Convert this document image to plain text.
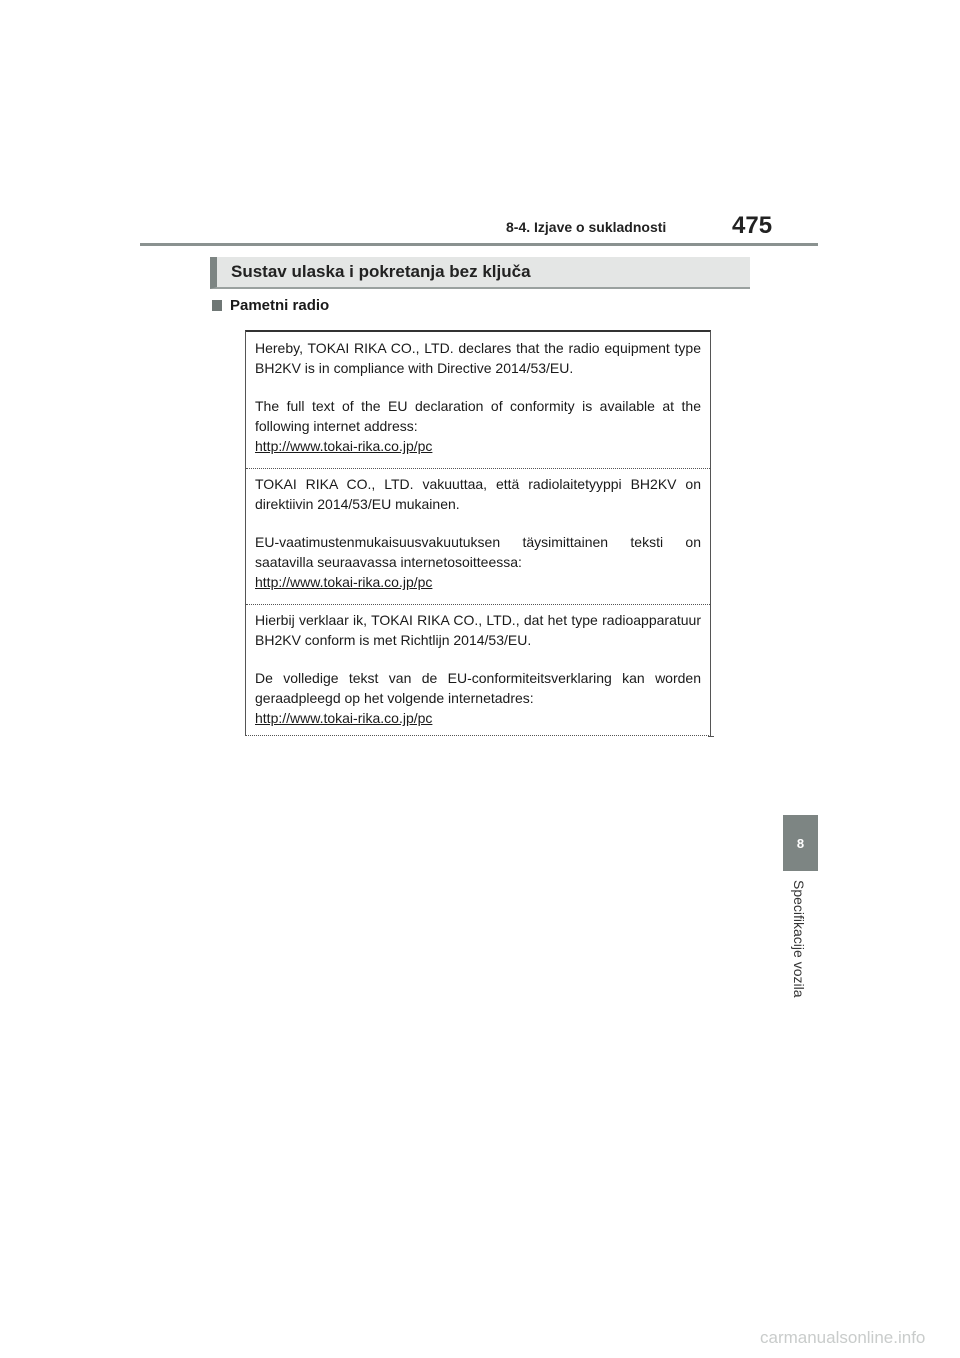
8-4. Izjave o sukladnosti	475
Sustav ulaska i pokretanja bez ključa
Pametni radio

Hereby, TOKAI RIKA CO., LTD. declares that the radio equipment type BH2KV is in compliance with Directive 2014/53/EU.

The full text of the EU declaration of conformity is available at the following internet address:

http://www.tokai-rika.co.jp/pc

TOKAI RIKA CO., LTD. vakuuttaa, että radiolaitetyyppi BH2KV on direktiivin 2014/53/EU mukainen.

EU-vaatimustenmukaisuusvakuutuksen täysimittainen teksti on saatavilla seuraavassa internetosoitteessa:

http://www.tokai-rika.co.jp/pc

Hierbij verklaar ik, TOKAI RIKA CO., LTD., dat het type radioapparatuur BH2KV conform is met Richtlijn 2014/53/EU.

De volledige tekst van de EU-conformiteitsverklaring kan worden geraadpleegd op het volgende internetadres:

http://www.tokai-rika.co.jp/pc

8
Specifikacije vozila
carmanualsonline.info
